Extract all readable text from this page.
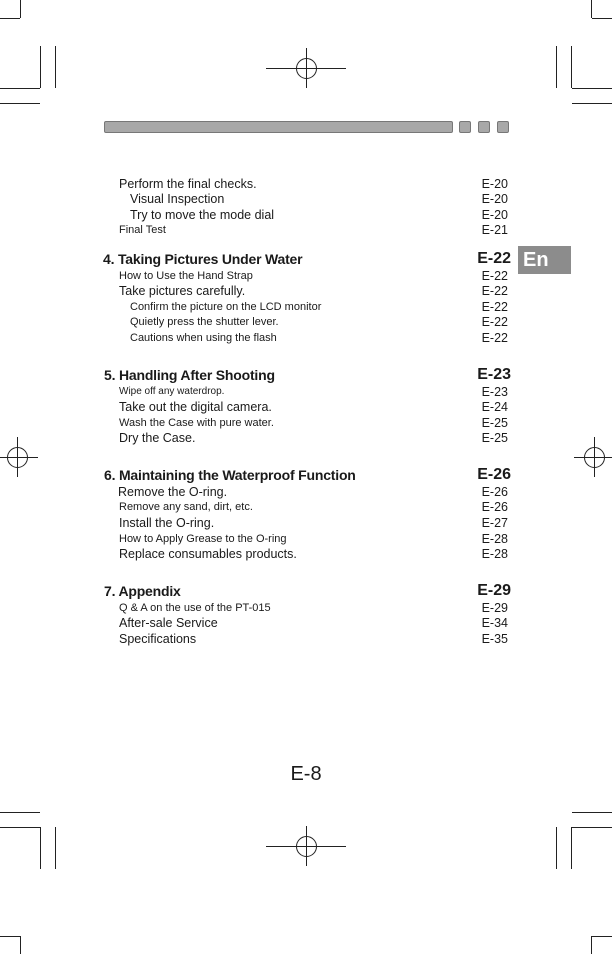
En
Perform the final checks.	E-20
Visual Inspection	E-20
Try to move the mode dial	E-20
Final Test	E-21
4. Taking Pictures Under Water	E-22
How to Use the Hand Strap	E-22
Take pictures carefully.	E-22
Confirm the picture on the LCD monitor	E-22
Quietly press the shutter lever.	E-22
Cautions when using the flash	E-22
5. Handling After Shooting	E-23
Wipe off any waterdrop.	E-23
Take out the digital camera.	E-24
Wash the Case with pure water.	E-25
Dry the Case.	E-25
6. Maintaining the Waterproof Function	E-26
Remove the O-ring.	E-26
Remove any sand, dirt, etc.	E-26
Install the O-ring.	E-27
How to Apply Grease to the O-ring	E-28
Replace consumables products.	E-28
7. Appendix	E-29
Q & A on the use of the PT-015	E-29
After-sale Service	E-34
Specifications	E-35
E-8
